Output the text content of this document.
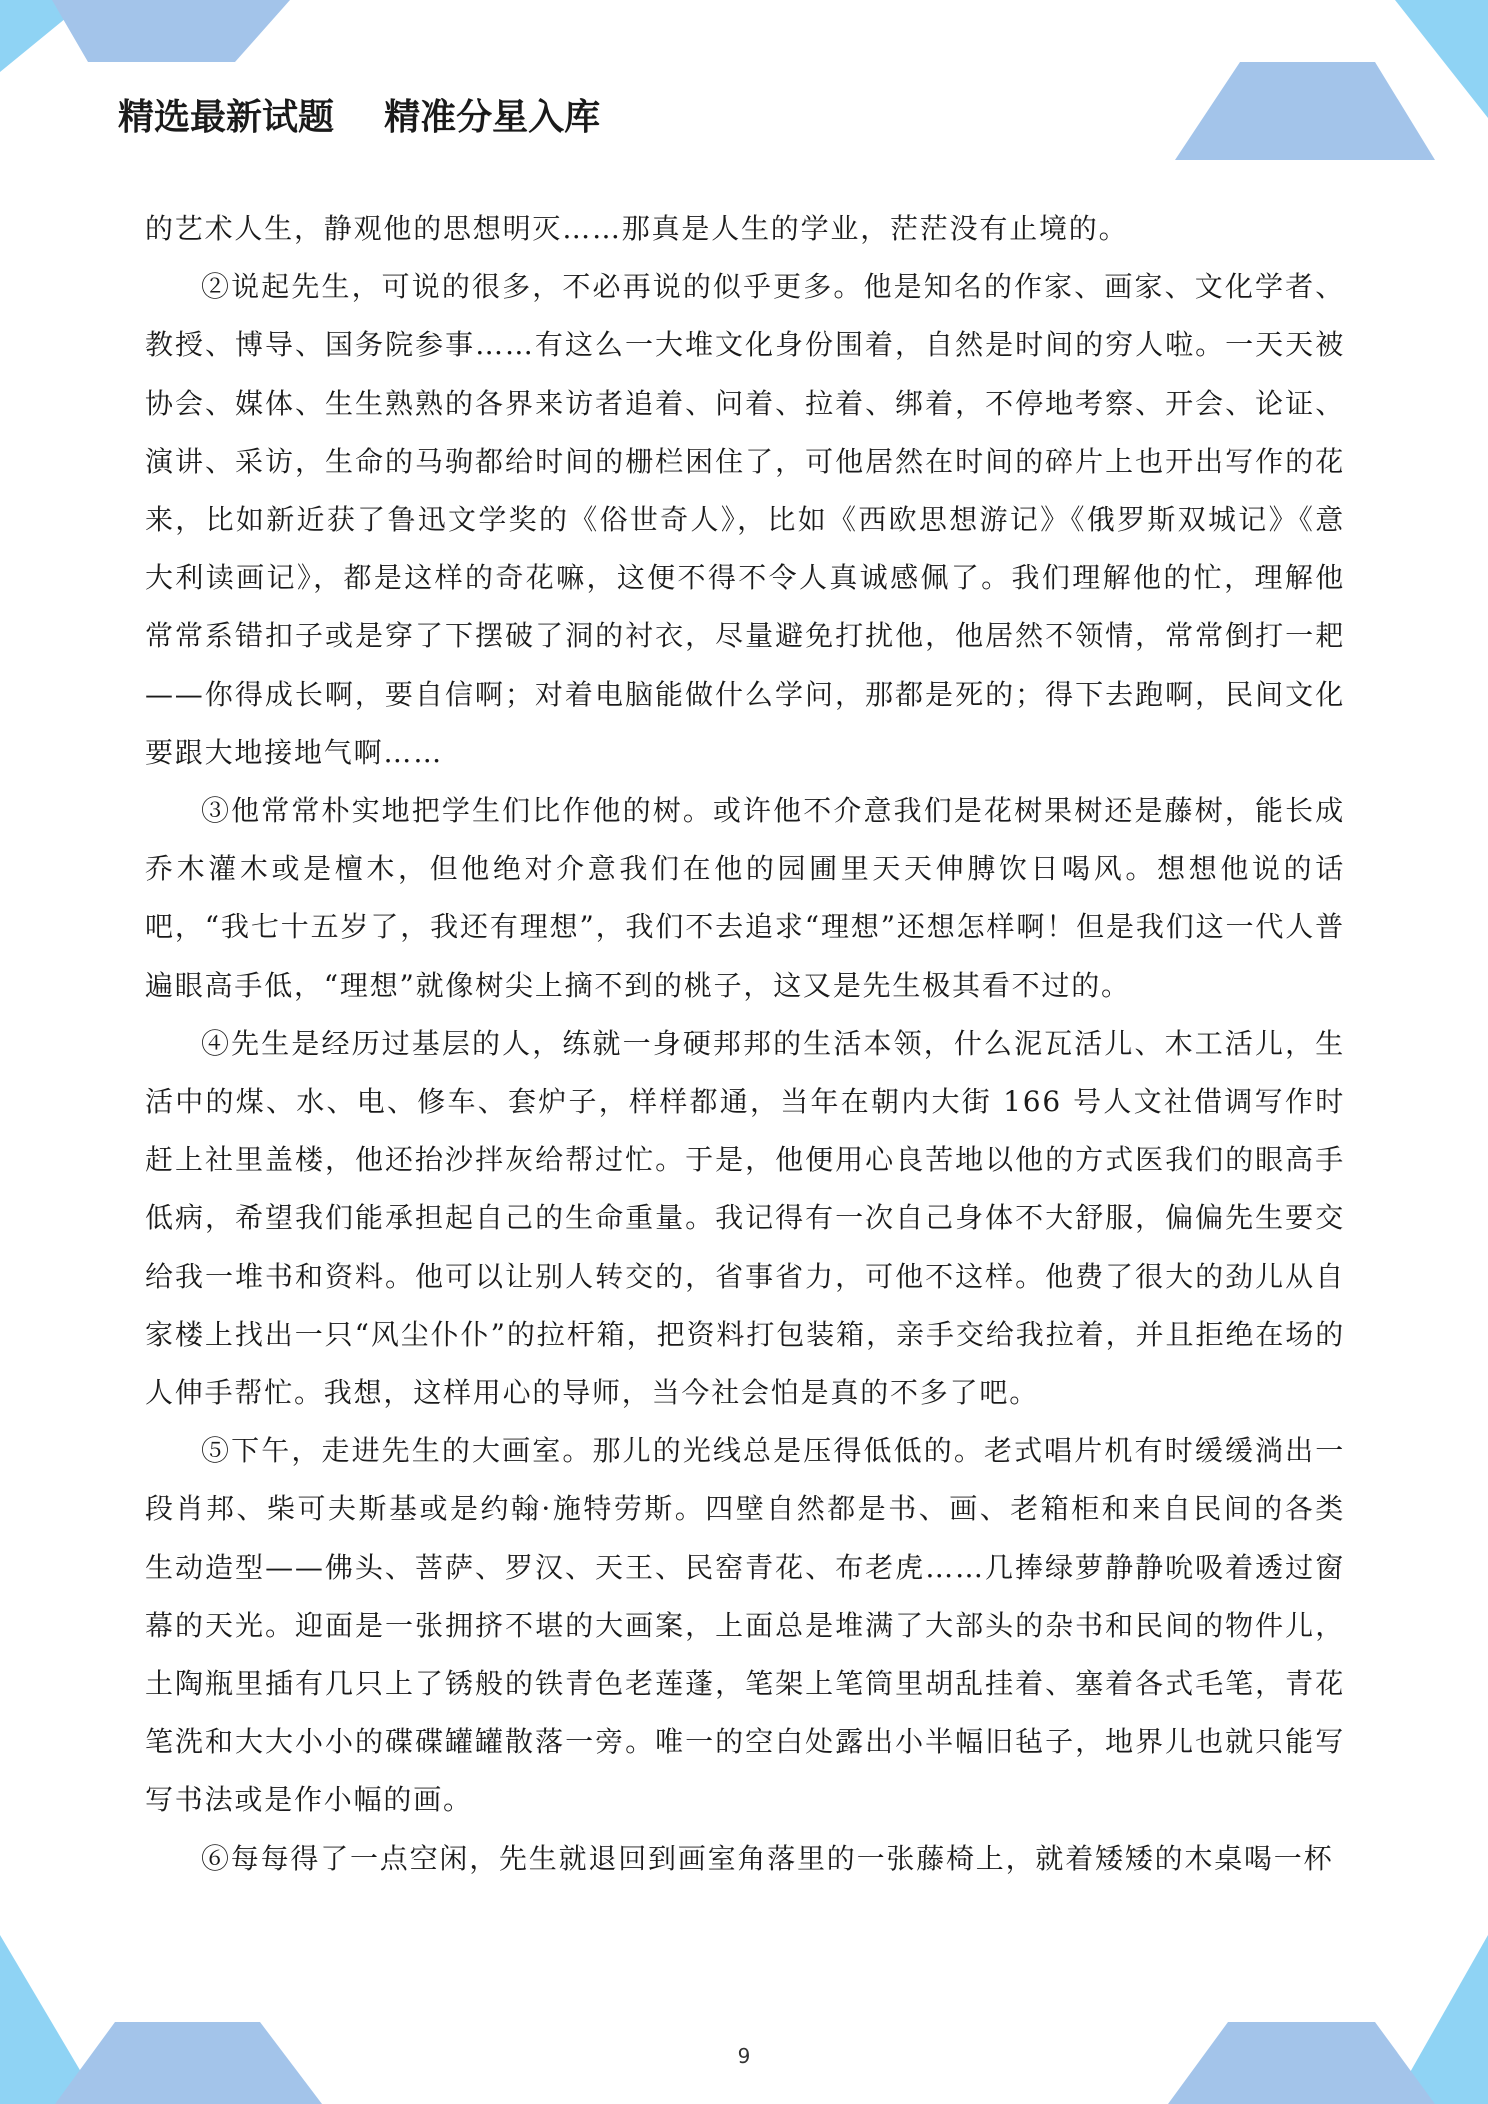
精选最新试题    精准分星入库

的艺术人生，静观他的思想明灭……那真是人生的学业，茫茫没有止境的。

②说起先生，可说的很多，不必再说的似乎更多。他是知名的作家、画家、文化学者、教授、博导、国务院参事……有这么一大堆文化身份围着，自然是时间的穷人啦。一天天被协会、媒体、生生熟熟的各界来访者追着、问着、拉着、绑着，不停地考察、开会、论证、演讲、采访，生命的马驹都给时间的栅栏困住了，可他居然在时间的碎片上也开出写作的花来，比如新近获了鲁迅文学奖的《俗世奇人》，比如《西欧思想游记》《俄罗斯双城记》《意大利读画记》，都是这样的奇花嘛，这便不得不令人真诚感佩了。我们理解他的忙，理解他常常系错扣子或是穿了下摆破了洞的衬衣，尽量避免打扰他，他居然不领情，常常倒打一耙——你得成长啊，要自信啊；对着电脑能做什么学问，那都是死的；得下去跑啊，民间文化要跟大地接地气啊……

③他常常朴实地把学生们比作他的树。或许他不介意我们是花树果树还是藤树，能长成乔木灌木或是檀木，但他绝对介意我们在他的园圃里天天伸膊饮日喝风。想想他说的话吧，“我七十五岁了，我还有理想”，我们不去追求“理想”还想怎样啊！但是我们这一代人普遍眼高手低，“理想”就像树尖上摘不到的桃子，这又是先生极其看不过的。

④先生是经历过基层的人，练就一身硬邦邦的生活本领，什么泥瓦活儿、木工活儿，生活中的煤、水、电、修车、套炉子，样样都通，当年在朝内大街 166 号人文社借调写作时赶上社里盖楼，他还抬沙拌灰给帮过忙。于是，他便用心良苦地以他的方式医我们的眼高手低病，希望我们能承担起自己的生命重量。我记得有一次自己身体不大舒服，偏偏先生要交给我一堆书和资料。他可以让别人转交的，省事省力，可他不这样。他费了很大的劲儿从自家楼上找出一只“风尘仆仆”的拉杆箱，把资料打包装箱，亲手交给我拉着，并且拒绝在场的人伸手帮忙。我想，这样用心的导师，当今社会怕是真的不多了吧。

⑤下午，走进先生的大画室。那儿的光线总是压得低低的。老式唱片机有时缓缓淌出一段肖邦、柴可夫斯基或是约翰·施特劳斯。四壁自然都是书、画、老箱柜和来自民间的各类生动造型——佛头、菩萨、罗汉、天王、民窑青花、布老虎……几捧绿萝静静吮吸着透过窗幕的天光。迎面是一张拥挤不堪的大画案，上面总是堆满了大部头的杂书和民间的物件儿，土陶瓶里插有几只上了锈般的铁青色老莲蓬，笔架上笔筒里胡乱挂着、塞着各式毛笔，青花笔洗和大大小小的碟碟罐罐散落一旁。唯一的空白处露出小半幅旧毡子，地界儿也就只能写写书法或是作小幅的画。

⑥每每得了一点空闲，先生就退回到画室角落里的一张藤椅上，就着矮矮的木桌喝一杯

9
